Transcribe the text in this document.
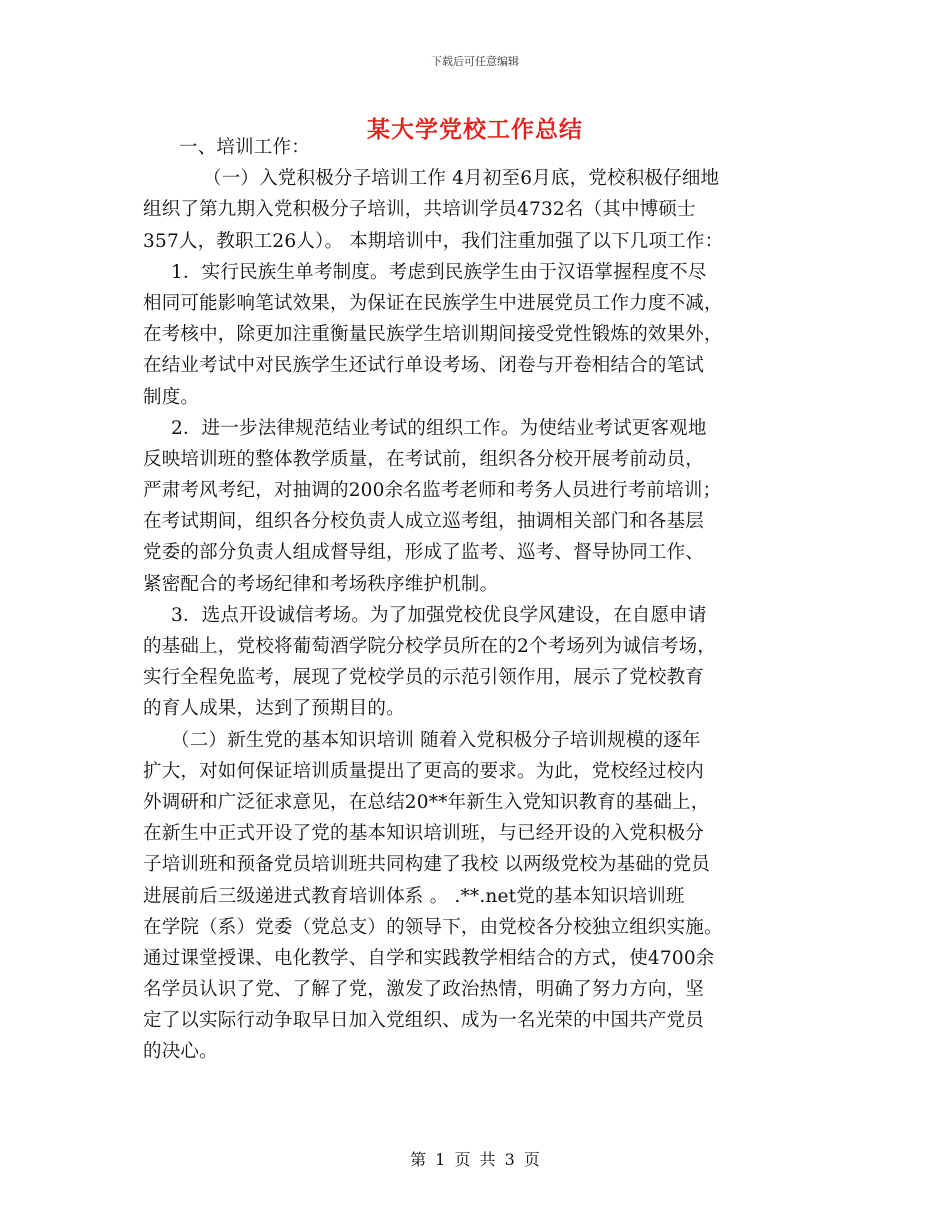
下载后可任意编辑
某大学党校工作总结
一、培训工作：
（一）入党积极分子培训工作 4月初至6月底，党校积极仔细地
组织了第九期入党积极分子培训，共培训学员4732名（其中博硕士
357人，教职工26人）。 本期培训中，我们注重加强了以下几项工作：
1．实行民族生单考制度。考虑到民族学生由于汉语掌握程度不尽
相同可能影响笔试效果，为保证在民族学生中进展党员工作力度不减，
在考核中，除更加注重衡量民族学生培训期间接受党性锻炼的效果外，
在结业考试中对民族学生还试行单设考场、闭卷与开卷相结合的笔试
制度。
2．进一步法律规范结业考试的组织工作。为使结业考试更客观地
反映培训班的整体教学质量，在考试前，组织各分校开展考前动员，
严肃考风考纪，对抽调的200余名监考老师和考务人员进行考前培训；
在考试期间，组织各分校负责人成立巡考组，抽调相关部门和各基层
党委的部分负责人组成督导组，形成了监考、巡考、督导协同工作、
紧密配合的考场纪律和考场秩序维护机制。
3．选点开设诚信考场。为了加强党校优良学风建设，在自愿申请
的基础上，党校将葡萄酒学院分校学员所在的2个考场列为诚信考场，
实行全程免监考，展现了党校学员的示范引领作用，展示了党校教育
的育人成果，达到了预期目的。
（二）新生党的基本知识培训 随着入党积极分子培训规模的逐年
扩大，对如何保证培训质量提出了更高的要求。为此，党校经过校内
外调研和广泛征求意见，在总结20**年新生入党知识教育的基础上，
在新生中正式开设了党的基本知识培训班，与已经开设的入党积极分
子培训班和预备党员培训班共同构建了我校 以两级党校为基础的党员
进展前后三级递进式教育培训体系 。 .**.net党的基本知识培训班
在学院（系）党委（党总支）的领导下，由党校各分校独立组织实施。
通过课堂授课、电化教学、自学和实践教学相结合的方式，使4700余
名学员认识了党、了解了党，激发了政治热情，明确了努力方向，坚
定了以实际行动争取早日加入党组织、成为一名光荣的中国共产党员
的决心。
第 1 页 共 3 页
